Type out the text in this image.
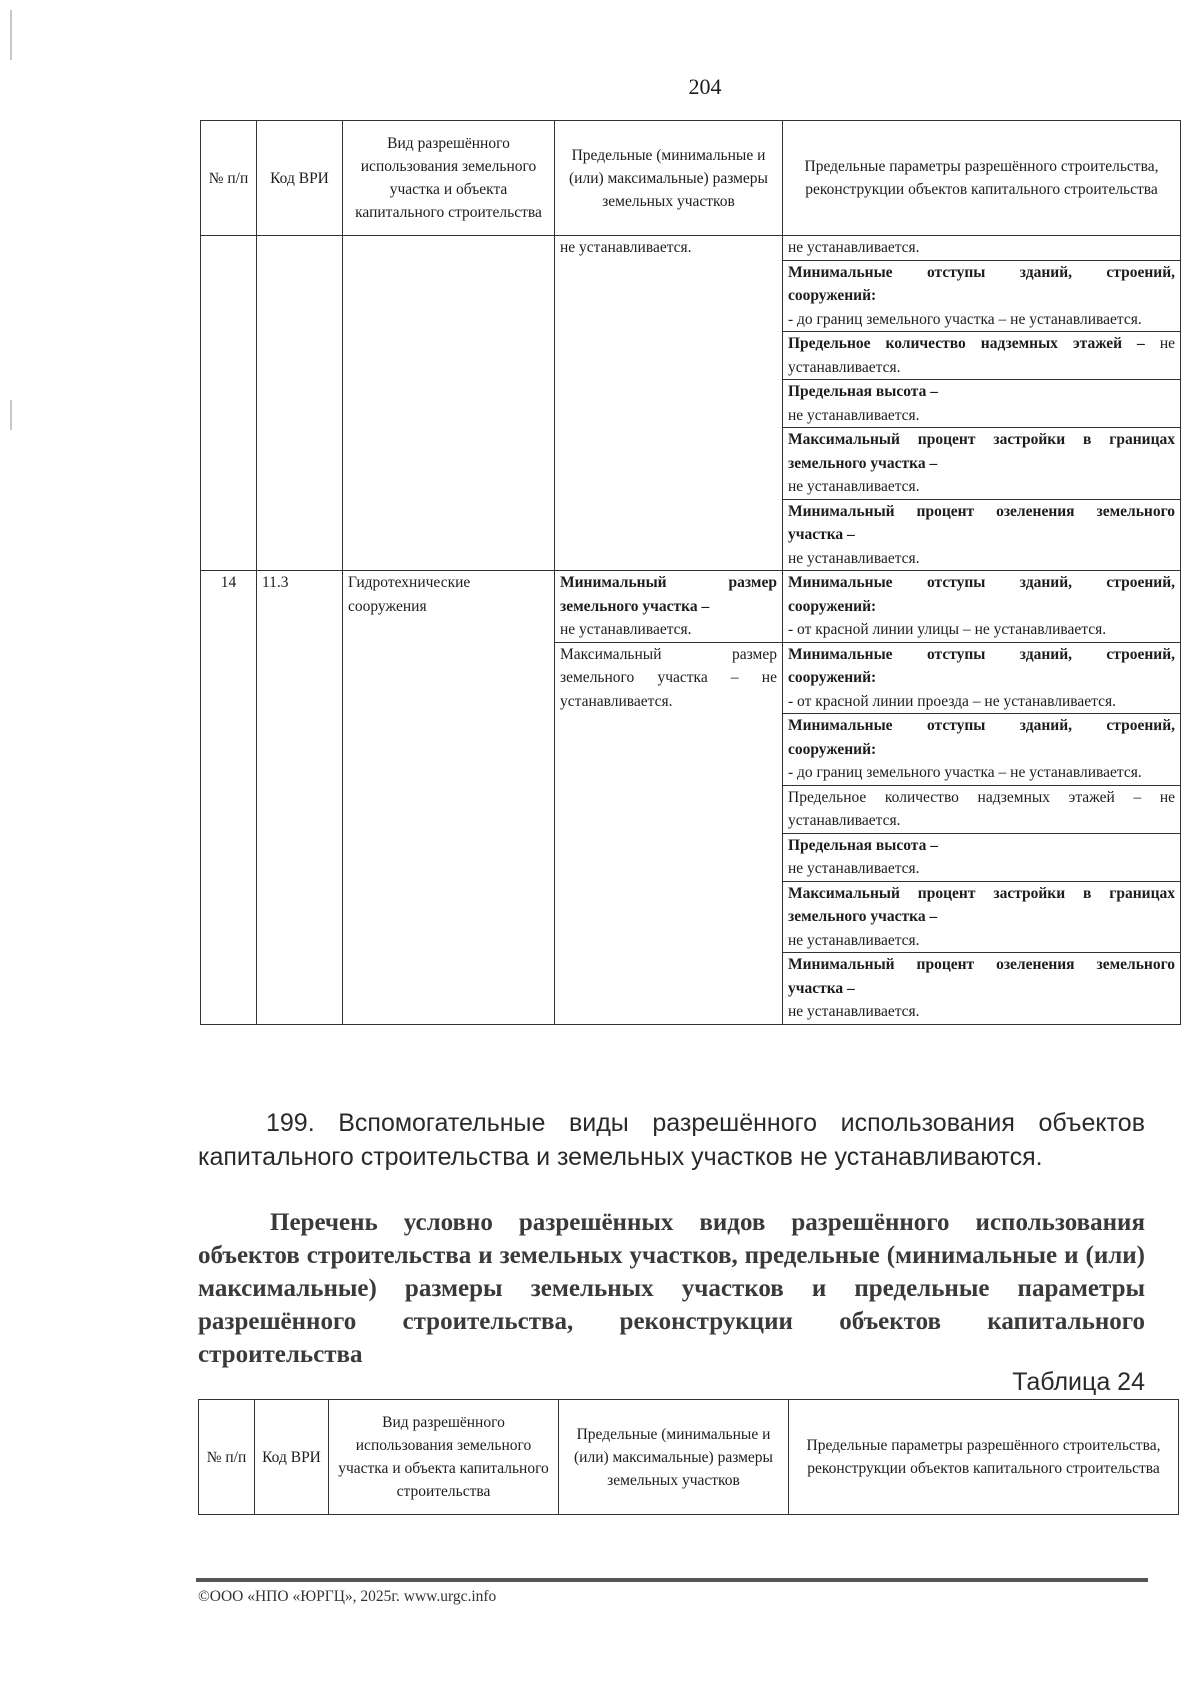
204
№ п/п	Код ВРИ	Вид разрешённого использования земельного участка и объекта капитального строительства	Предельные (минимальные и (или) максимальные) размеры земельных участков	Предельные параметры разрешённого строительства, реконструкции объектов капитального строительства
			не устанавливается.	не устанавливается.
				Минимальные отступы зданий, строений, сооружений:
- до границ земельного участка – не устанавливается.
				Предельное количество надземных этажей – не устанавливается.
				Предельная высота –
не устанавливается.
				Максимальный процент застройки в границах земельного участка –
не устанавливается.
				Минимальный процент озеленения земельного участка –
не устанавливается.
14	11.3	Гидротехнические сооружения	Минимальный размер земельного участка –
не устанавливается.	Минимальные отступы зданий, строений, сооружений:
- от красной линии улицы – не устанавливается.
			Максимальный размер земельного участка – не устанавливается.	Минимальные отступы зданий, строений, сооружений:
- от красной линии проезда – не устанавливается.
				Минимальные отступы зданий, строений, сооружений:
- до границ земельного участка – не устанавливается.
				Предельное количество надземных этажей – не устанавливается.
				Предельная высота –
не устанавливается.
				Максимальный процент застройки в границах земельного участка –
не устанавливается.
				Минимальный процент озеленения земельного участка –
не устанавливается.
199. Вспомогательные виды разрешённого использования объектов капитального строительства и земельных участков не устанавливаются.
Перечень условно разрешённых видов разрешённого использования объектов строительства и земельных участков, предельные (минимальные и (или) максимальные) размеры земельных участков и предельные параметры разрешённого строительства, реконструкции объектов капитального строительства
Таблица 24
№ п/п	Код ВРИ	Вид разрешённого использования земельного участка и объекта капитального строительства	Предельные (минимальные и (или) максимальные) размеры земельных участков	Предельные параметры разрешённого строительства, реконструкции объектов капитального строительства
©ООО «НПО «ЮРГЦ», 2025г. www.urgc.info
